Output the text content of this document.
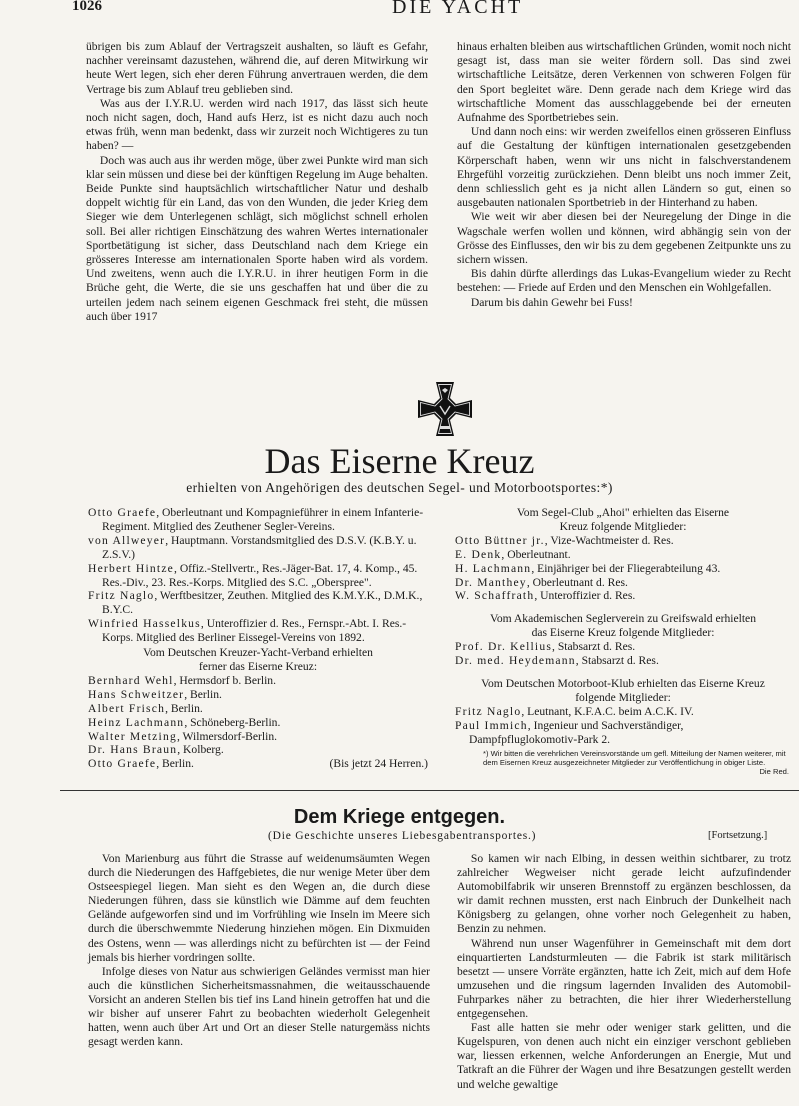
1026	DIE YACHT

übrigen bis zum Ablauf der Vertragszeit aushalten, so läuft es Gefahr, nachher vereinsamt dazustehen, während die, auf deren Mitwirkung wir heute Wert legen, sich eher deren Führung anvertrauen werden, die dem Vertrage bis zum Ablauf treu geblieben sind.

Was aus der I.Y.R.U. werden wird nach 1917, das lässt sich heute noch nicht sagen, doch, Hand aufs Herz, ist es nicht dazu auch noch etwas früh, wenn man bedenkt, dass wir zurzeit noch Wichtigeres zu tun haben? —

Doch was auch aus ihr werden möge, über zwei Punkte wird man sich klar sein müssen und diese bei der künftigen Regelung im Auge behalten. Beide Punkte sind hauptsächlich wirtschaftlicher Natur und deshalb doppelt wichtig für ein Land, das von den Wunden, die jeder Krieg dem Sieger wie dem Unterlegenen schlägt, sich möglichst schnell erholen soll. Bei aller richtigen Einschätzung des wahren Wertes internationaler Sportbetätigung ist sicher, dass Deutschland nach dem Kriege ein grösseres Interesse am internationalen Sporte haben wird als vordem. Und zweitens, wenn auch die I.Y.R.U. in ihrer heutigen Form in die Brüche geht, die Werte, die sie uns geschaffen hat und über die zu urteilen jedem nach seinem eigenen Geschmack frei steht, die müssen auch über 1917

hinaus erhalten bleiben aus wirtschaftlichen Gründen, womit noch nicht gesagt ist, dass man sie weiter fördern soll. Das sind zwei wirtschaftliche Leitsätze, deren Verkennen von schweren Folgen für den Sport begleitet wäre. Denn gerade nach dem Kriege wird das wirtschaftliche Moment das ausschlaggebende bei der erneuten Aufnahme des Sportbetriebes sein.

Und dann noch eins: wir werden zweifellos einen grösseren Einfluss auf die Gestaltung der künftigen internationalen gesetzgebenden Körperschaft haben, wenn wir uns nicht in falschverstandenem Ehrgefühl vorzeitig zurückziehen. Denn bleibt uns noch immer Zeit, denn schliesslich geht es ja nicht allen Ländern so gut, einen so ausgebauten nationalen Sportbetrieb in der Hinterhand zu haben.

Wie weit wir aber diesen bei der Neuregelung der Dinge in die Wagschale werfen wollen und können, wird abhängig sein von der Grösse des Einflusses, den wir bis zu dem gegebenen Zeitpunkte uns zu sichern wissen.

Bis dahin dürfte allerdings das Lukas-Evangelium wieder zu Recht bestehen: — Friede auf Erden und den Menschen ein Wohlgefallen.

Darum bis dahin Gewehr bei Fuss!

Das Eiserne Kreuz
erhielten von Angehörigen des deutschen Segel- und Motorbootsportes:*)

Otto Graefe, Oberleutnant und Kompagnieführer in einem Infanterie-Regiment. Mitglied des Zeuthener Segler-Vereins.

von Allweyer, Hauptmann. Vorstandsmitglied des D.S.V. (K.B.Y. u. Z.S.V.)

Herbert Hintze, Offiz.-Stellvertr., Res.-Jäger-Bat. 17, 4. Komp., 45. Res.-Div., 23. Res.-Korps. Mitglied des S.C. „Oberspree".

Fritz Naglo, Werftbesitzer, Zeuthen. Mitglied des K.M.Y.K., D.M.K., B.Y.C.

Winfried Hasselkus, Unteroffizier d. Res., Fernspr.-Abt. I. Res.-Korps. Mitglied des Berliner Eissegel-Vereins von 1892.

Vom Deutschen Kreuzer-Yacht-Verband erhielten ferner das Eiserne Kreuz:

Bernhard Wehl, Hermsdorf b. Berlin.

Hans Schweitzer, Berlin.

Albert Frisch, Berlin.

Heinz Lachmann, Schöneberg-Berlin.

Walter Metzing, Wilmersdorf-Berlin.

Dr. Hans Braun, Kolberg.

Otto Graefe, Berlin.	(Bis jetzt 24 Herren.)

Vom Segel-Club „Ahoi" erhielten das Eiserne Kreuz folgende Mitglieder:

Otto Büttner jr., Vize-Wachtmeister d. Res.

E. Denk, Oberleutnant.

H. Lachmann, Einjähriger bei der Fliegerabteilung 43.

Dr. Manthey, Oberleutnant d. Res.

W. Schaffrath, Unteroffizier d. Res.

Vom Akademischen Seglerverein zu Greifswald erhielten das Eiserne Kreuz folgende Mitglieder:

Prof. Dr. Kellius, Stabsarzt d. Res.

Dr. med. Heydemann, Stabsarzt d. Res.

Vom Deutschen Motorboot-Klub erhielten das Eiserne Kreuz folgende Mitglieder:

Fritz Naglo, Leutnant, K.F.A.C. beim A.C.K. IV.

Paul Immich, Ingenieur und Sachverständiger, Dampfpfluglokomotiv-Park 2.

*) Wir bitten die verehrlichen Vereinsvorstände um gefl. Mitteilung der Namen weiterer, mit dem Eisernen Kreuz ausgezeichneter Mitglieder zur Veröffentlichung in obiger Liste.
Die Red.
Dem Kriege entgegen.
(Die Geschichte unseres Liebesgabentransportes.)	[Fortsetzung.]

Von Marienburg aus führt die Strasse auf weidenumsäumten Wegen durch die Niederungen des Haffgebietes, die nur wenige Meter über dem Ostseespiegel liegen. Man sieht es den Wegen an, die durch diese Niederungen führen, dass sie künstlich wie Dämme auf dem feuchten Gelände aufgeworfen sind und im Vorfrühling wie Inseln im Meere sich durch die überschwemmte Niederung hinziehen mögen. Ein Dixmuiden des Ostens, wenn — was allerdings nicht zu befürchten ist — der Feind jemals bis hierher vordringen sollte.

Infolge dieses von Natur aus schwierigen Geländes vermisst man hier auch die künstlichen Sicherheitsmassnahmen, die weitausschauende Vorsicht an anderen Stellen bis tief ins Land hinein getroffen hat und die wir bisher auf unserer Fahrt zu beobachten wiederholt Gelegenheit hatten, wenn auch über Art und Ort an dieser Stelle naturgemäss nichts gesagt werden kann.

So kamen wir nach Elbing, in dessen weithin sichtbarer, zu trotz zahlreicher Wegweiser nicht gerade leicht aufzufindender Automobilfabrik wir unseren Brennstoff zu ergänzen beschlossen, da wir damit rechnen mussten, erst nach Einbruch der Dunkelheit nach Königsberg zu gelangen, ohne vorher noch Gelegenheit zu haben, Benzin zu nehmen.

Während nun unser Wagenführer in Gemeinschaft mit dem dort einquartierten Landsturmleuten — die Fabrik ist stark militärisch besetzt — unsere Vorräte ergänzten, hatte ich Zeit, mich auf dem Hofe umzusehen und die ringsum lagernden Invaliden des Automobil-Fuhrparkes näher zu betrachten, die hier ihrer Wiederherstellung entgegensehen.

Fast alle hatten sie mehr oder weniger stark gelitten, und die Kugelspuren, von denen auch nicht ein einziger verschont geblieben war, liessen erkennen, welche Anforderungen an Energie, Mut und Tatkraft an die Führer der Wagen und ihre Besatzungen gestellt werden und welche gewaltige
